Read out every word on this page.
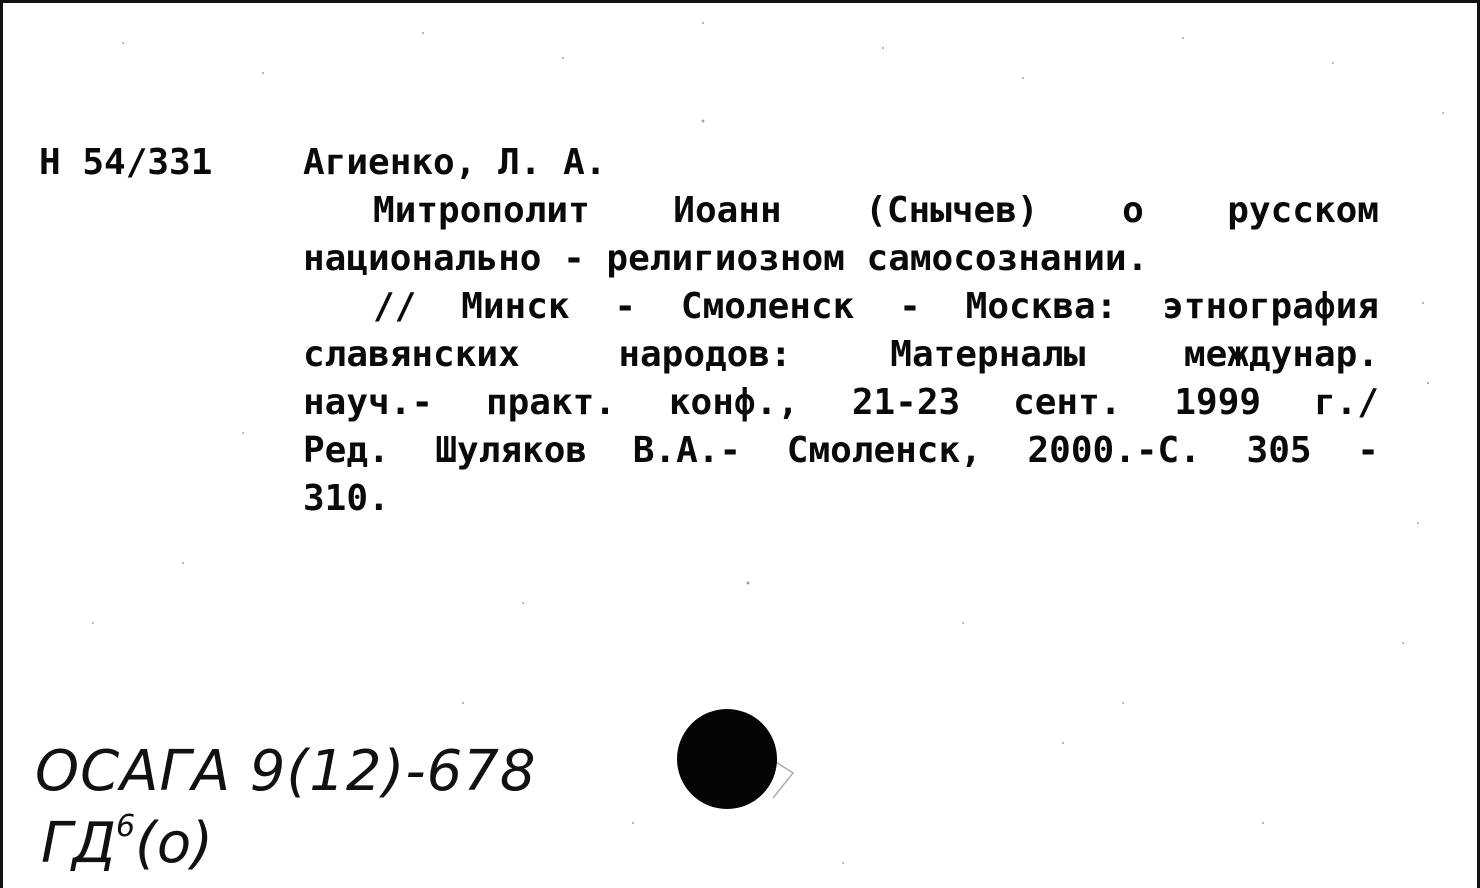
Н 54/331	Агиенко, Л. А.
Митрополит Иоанн (Снычев) о русском
национально - религиозном самосознании.
// Минск - Смоленск - Москва: этнография
славянских	народов:	Матерналы	междунар.
науч.- практ. конф., 21-23 сент. 1999 г./
Ред. Шуляков В.А.- Смоленск, 2000.-С. 305 -
310.
ОСАГА 9(12)-678
$ГД^6(о)$
